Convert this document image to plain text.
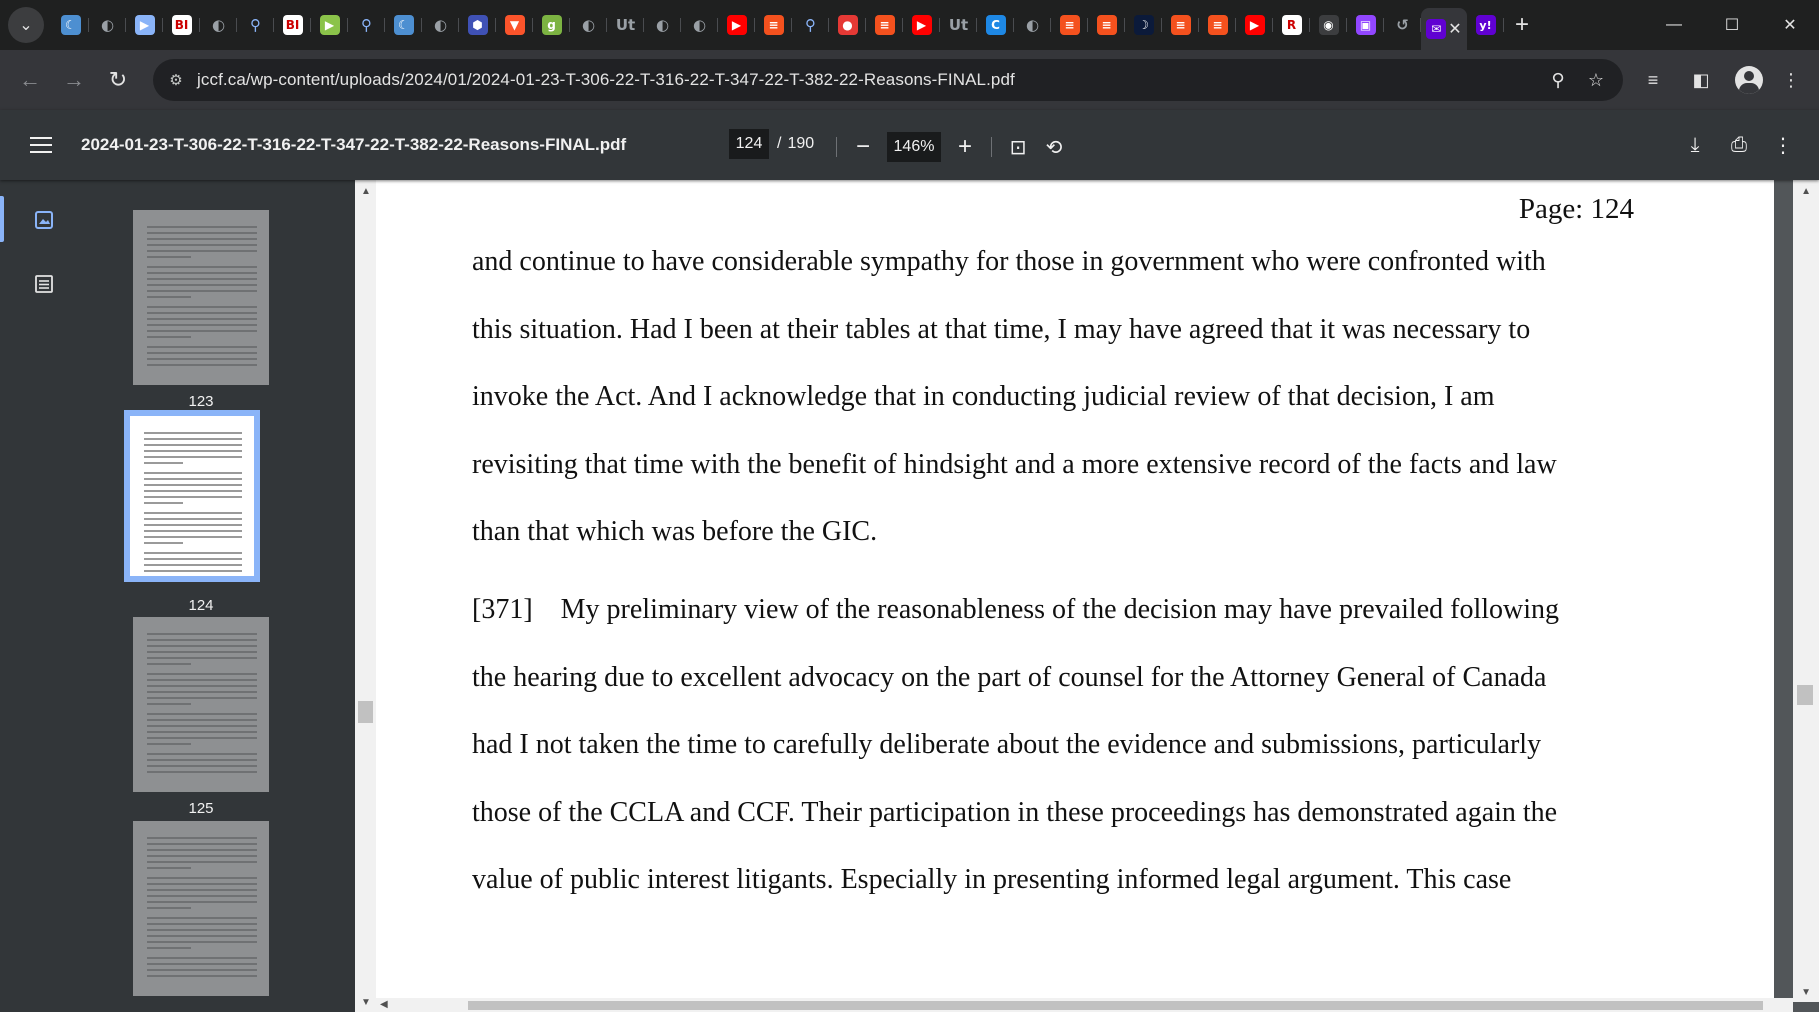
⌄	☾	◐	▶	BI ◐	⚲	BI	▶	⚲	☾	◐	⬢	▼	g	◐ Ut ◐ ◐	▶	≡	⚲	●	≡	▶	Ut	C	◐	≡	≡	☽	≡	≡	▶	R	◉	▣ ↺	✉ ✕	y! +	—	☐	✕
← → ↻	⚙ jccf.ca/wp-content/uploads/2024/01/2024-01-23-T-306-22-T-316-22-T-347-22-T-382-22-Reasons-FINAL.pdf	⚲ ☆ ≡ ◧	⋮
2024-01-23-T-306-22-T-316-22-T-347-22-T-382-22-Reasons-FINAL.pdf	124 / 190 −	146% + ⊡ ⟲	⤓ ⎙ ⋮
123
124
125
▲
▼
Page: 124
and continue to have considerable sympathy for those in government who were confronted with
this situation. Had I been at their tables at that time, I may have agreed that it was necessary to
invoke the Act. And I acknowledge that in conducting judicial review of that decision, I am
revisiting that time with the benefit of hindsight and a more extensive record of the facts and law
than that which was before the GIC.
[371]    My preliminary view of the reasonableness of the decision may have prevailed following
the hearing due to excellent advocacy on the part of counsel for the Attorney General of Canada
had I not taken the time to carefully deliberate about the evidence and submissions, particularly
those of the CCLA and CCF. Their participation in these proceedings has demonstrated again the
value of public interest litigants. Especially in presenting informed legal argument. This case
▲
▼
◀
